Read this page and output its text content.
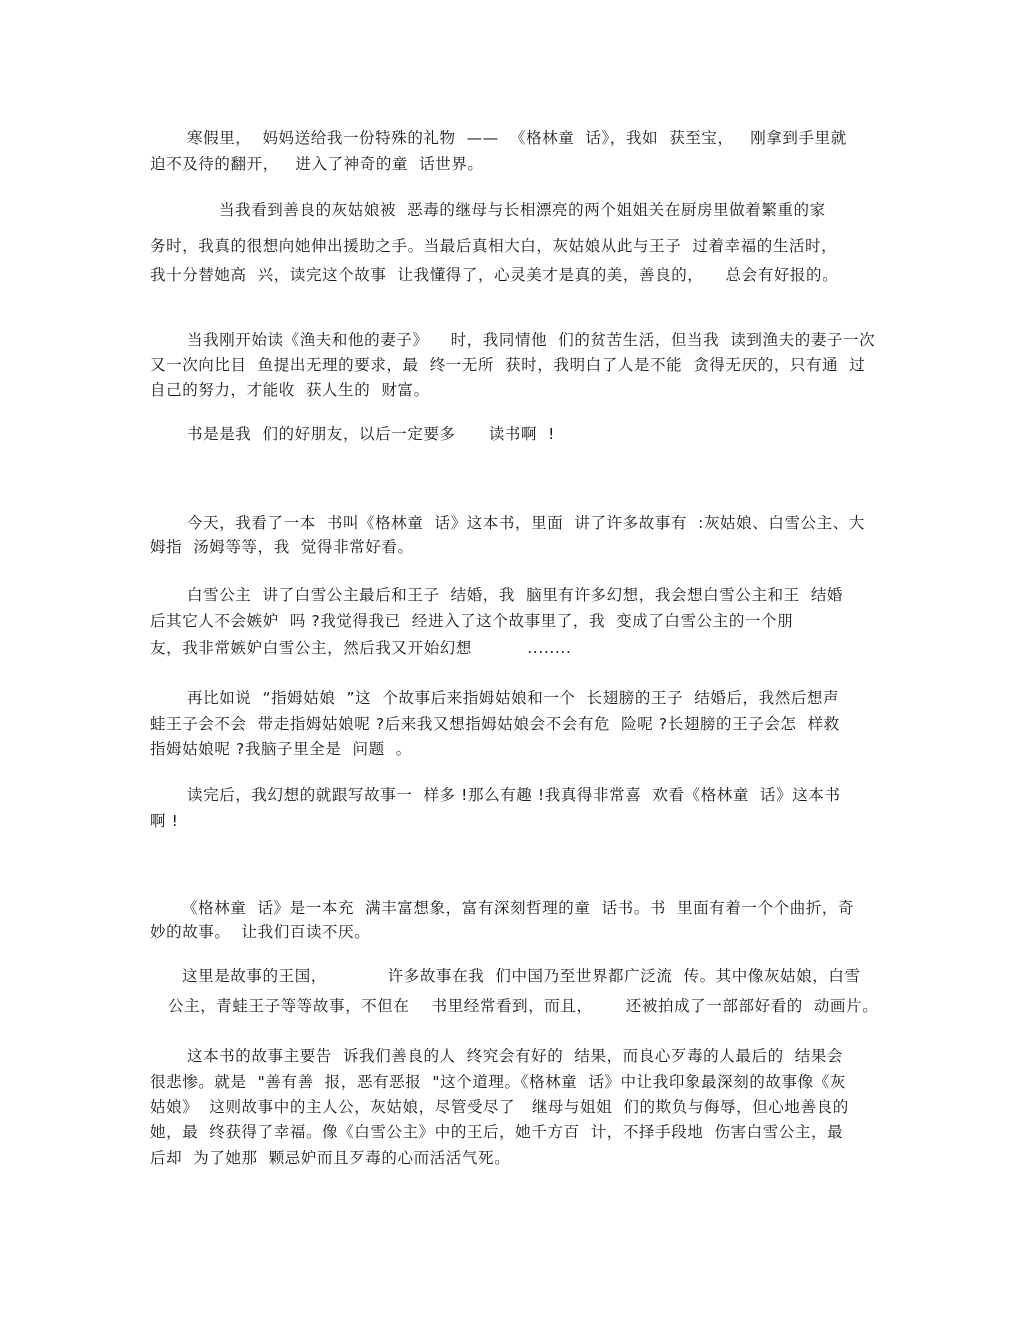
寒假里，  妈妈送给我一份特殊的礼物  ——  《格林童  话》，我如  获至宝，   刚拿到手里就
迫不及待的翻开，   进入了神奇的童  话世界。
当我看到善良的灰姑娘被  恶毒的继母与长相漂亮的两个姐姐关在厨房里做着繁重的家
务时，我真的很想向她伸出援助之手。当最后真相大白，灰姑娘从此与王子  过着幸福的生活时，
我十分替她高  兴，读完这个故事  让我懂得了，心灵美才是真的美，善良的，    总会有好报的。
当我刚开始读《渔夫和他的妻子》    时，我同情他  们的贫苦生活，但当我  读到渔夫的妻子一次
又一次向比目  鱼提出无理的要求，最  终一无所  获时，我明白了人是不能  贪得无厌的，只有通  过
自己的努力，才能收  获人生的  财富。
书是是我  们的好朋友，以后一定要多      读书啊  !
今天，我看了一本  书叫《格林童  话》这本书，里面  讲了许多故事有  :灰姑娘、白雪公主、大
姆指  汤姆等等，我  觉得非常好看。
白雪公主  讲了白雪公主最后和王子  结婚，我  脑里有许多幻想，我会想白雪公主和王  结婚
后其它人不会嫉妒  吗 ?我觉得我已  经进入了这个故事里了，我  变成了白雪公主的一个朋
友，我非常嫉妒白雪公主，然后我又开始幻想          ........
再比如说  “指姆姑娘  ”这  个故事后来指姆姑娘和一个  长翅膀的王子  结婚后，我然后想声
蛙王子会不会  带走指姆姑娘呢 ?后来我又想指姆姑娘会不会有危  险呢 ?长翅膀的王子会怎  样救
指姆姑娘呢 ?我脑子里全是  问题  。
读完后，我幻想的就跟写故事一  样多 !那么有趣 !我真得非常喜  欢看《格林童  话》这本书
啊 !
《格林童  话》是一本充  满丰富想象，富有深刻哲理的童  话书。书  里面有着一个个曲折，奇
妙的故事。  让我们百读不厌。
这里是故事的王国，           许多故事在我  们中国乃至世界都广泛流  传。其中像灰姑娘，白雪
公主，青蛙王子等等故事，不但在    书里经常看到，而且，      还被拍成了一部部好看的  动画片。
这本书的故事主要告  诉我们善良的人  终究会有好的  结果，而良心歹毒的人最后的  结果会
很悲惨。就是  "善有善  报，恶有恶报  "这个道理。《格林童  话》中让我印象最深刻的故事像《灰
姑娘》  这则故事中的主人公，灰姑娘，尽管受尽了   继母与姐姐  们的欺负与侮辱，但心地善良的
她，最  终获得了幸福。像《白雪公主》中的王后，她千方百  计，不择手段地  伤害白雪公主，最
后却  为了她那  颗忌妒而且歹毒的心而活活气死。
